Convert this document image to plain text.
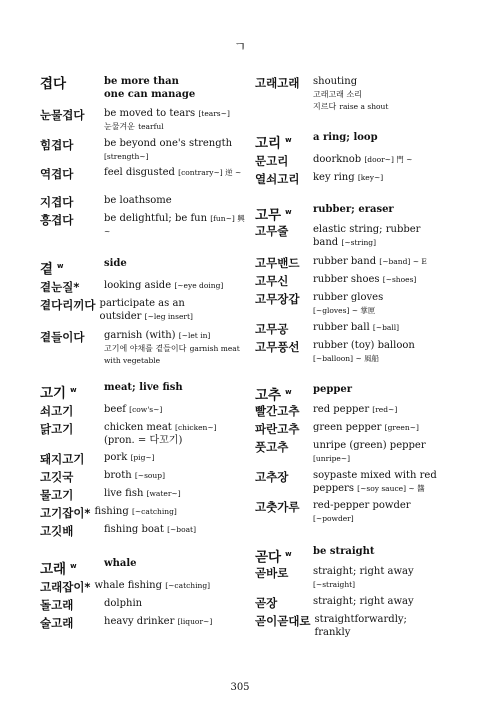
ㄱ
겹다	be more than
one can manage
눈물겹다	be moved to tears [tears~]
눈물겨운 tearful
힘겹다	be beyond one's strength [strength~]
역겹다	feel disgusted [contrary~] 逆 ~
지겹다	be loathsome
흥겹다	be delightful; be fun [fun~] 興 ~
곁 $^w$	side
곁눈질*	looking aside [~eye doing]
곁다리끼다 participate as an
outsider [~leg insert]
곁들이다	garnish (with) [~let in]
고기에 야채를 곁들이다 garnish meat with vegetable
고기 $^w$	meat; live fish
쇠고기	beef [cow's~]
닭고기	chicken meat [chicken~]
(pron. = 다꼬기)
돼지고기	pork [pig~]
고깃국	broth [~soup]
물고기	live fish [water~]
고기잡이* fishing [~catching]
고깃배	fishing boat [~boat]
고래 $^w$	whale
고래잡이* whale fishing [~catching]
돌고래	dolphin
술고래	heavy drinker [liquor~]
고래고래	shouting
고래고래 소리
지르다 raise a shout
고리 $^w$	a ring; loop
문고리	doorknob [door~] 門 ~
열쇠고리	key ring [key~]
고무 $^w$	rubber; eraser
고무줄	elastic string; rubber
band [~string]
고무밴드	rubber band [~band] ~ E
고무신	rubber shoes [~shoes]
고무장갑	rubber gloves
[~gloves] ~ 掌匣
고무공	rubber ball [~ball]
고무풍선	rubber (toy) balloon
[~balloon] ~ 風船
고추 $^w$	pepper
빨간고추	red pepper [red~]
파란고추	green pepper [green~]
풋고추	unripe (green) pepper
[unripe~]
고추장	soypaste mixed with red
peppers [~soy sauce] ~ 醬
고춧가루	red-pepper powder
[~powder]
곧다 $^w$	be straight
곧바로	straight; right away
[~straight]
곧장	straight; right away
곧이곧대로 straightforwardly;
frankly
305
